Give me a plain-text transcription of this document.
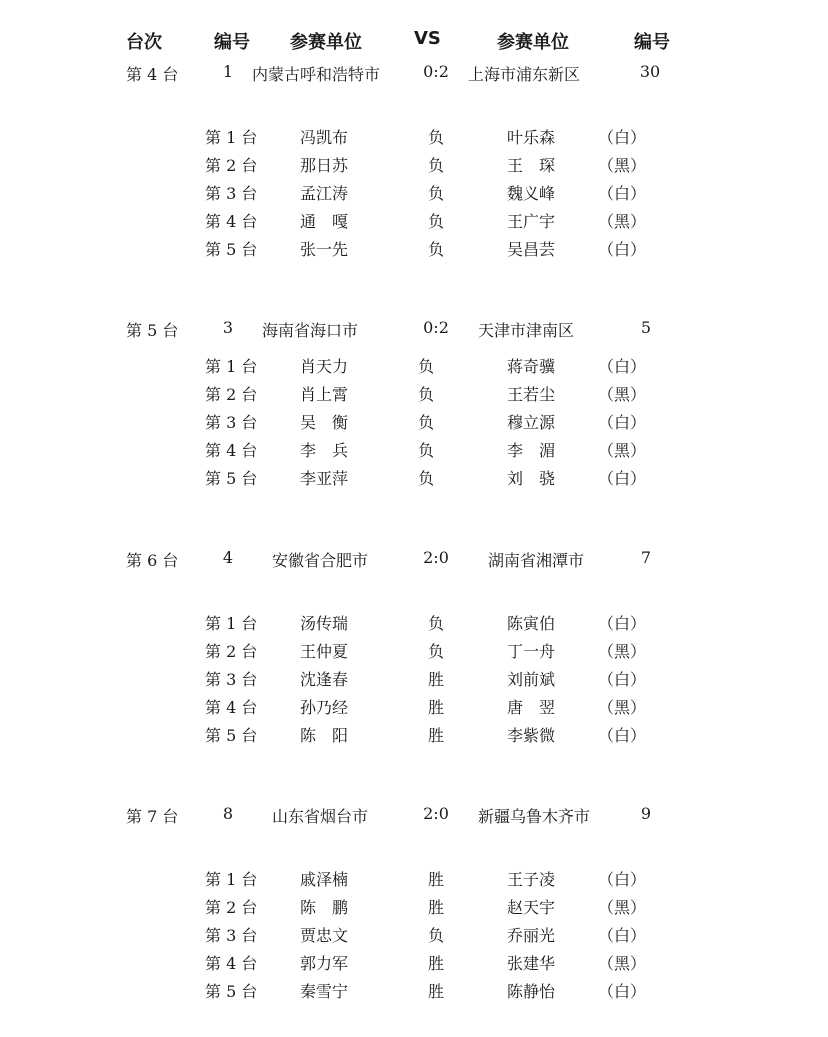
台次	编号 参赛单位	VS	参赛单位	编号
第 4 台	1 内蒙古呼和浩特市	0:2 上海市浦东新区	30
第 1 台	冯凯布	负	叶乐森	（白）
第 2 台	那日苏	负	王　琛	（黑）
第 3 台	孟江涛	负	魏义峰	（白）
第 4 台	通　嘎	负	王广宇	（黑）
第 5 台	张一先	负	吴昌芸	（白）
第 5 台	3 海南省海口市	0:2 天津市津南区	5
第 1 台	肖天力	负	蒋奇骥	（白）
第 2 台	肖上霄	负	王若尘	（黑）
第 3 台	吴　衡	负	穆立源	（白）
第 4 台	李　兵	负	李　湄	（黑）
第 5 台	李亚萍	负	刘　骁	（白）
第 6 台	4 安徽省合肥市	2:0 湖南省湘潭市	7
第 1 台	汤传瑞	负	陈寅伯	（白）
第 2 台	王仲夏	负	丁一舟	（黑）
第 3 台	沈逢春	胜	刘前斌	（白）
第 4 台	孙乃经	胜	唐　翌	（黑）
第 5 台	陈　阳	胜	李紫微	（白）
第 7 台	8 山东省烟台市	2:0 新疆乌鲁木齐市	9
第 1 台	戚泽楠	胜	王子凌	（白）
第 2 台	陈　鹏	胜	赵天宇	（黑）
第 3 台	贾忠文	负	乔丽光	（白）
第 4 台	郭力军	胜	张建华	（黑）
第 5 台	秦雪宁	胜	陈静怡	（白）
